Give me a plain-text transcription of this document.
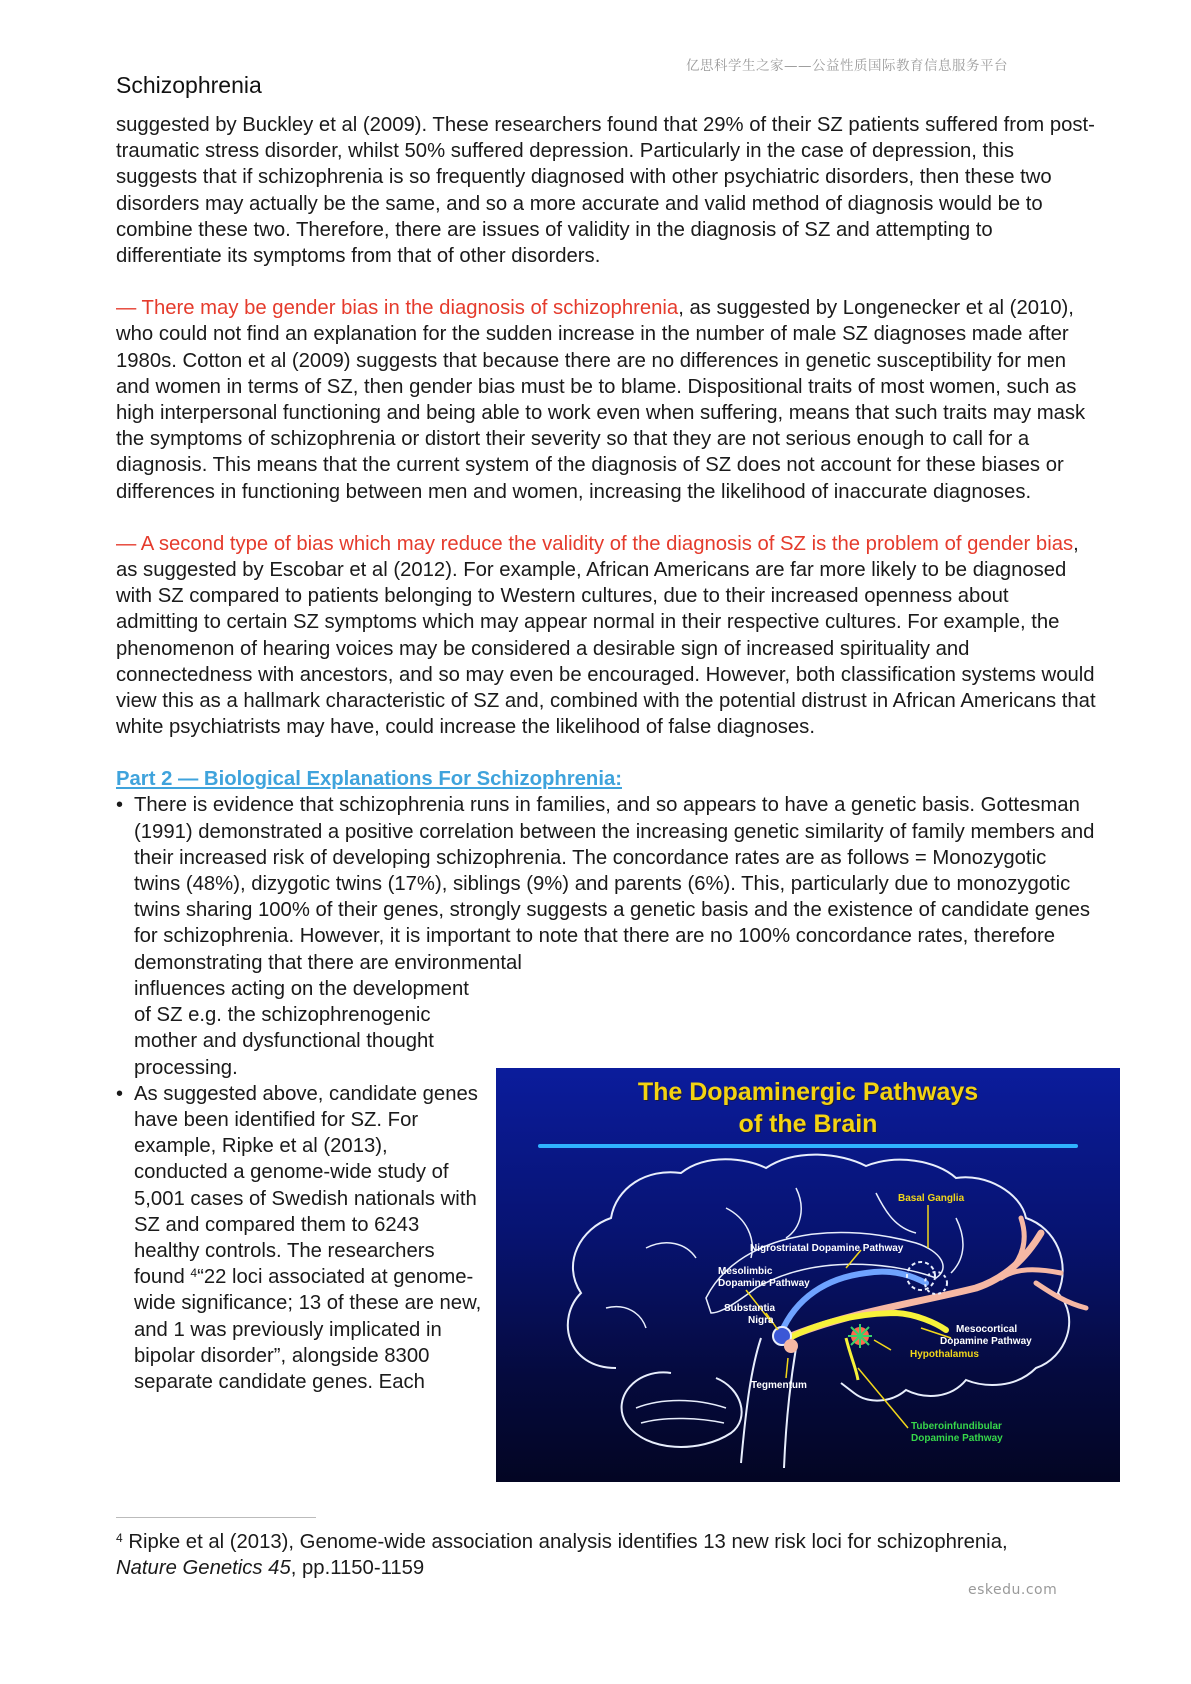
亿思科学生之家——公益性质国际教育信息服务平台
Schizophrenia

suggested by Buckley et al (2009). These researchers found that 29% of their SZ patients suffered from post-traumatic stress disorder, whilst 50% suffered depression. Particularly in the case of depression, this suggests that if schizophrenia is so frequently diagnosed with other psychiatric disorders, then these two disorders may actually be the same, and so a more accurate and valid method of diagnosis would be to combine these two. Therefore, there are issues of validity in the diagnosis of SZ and attempting to differentiate its symptoms from that of other disorders.

— There may be gender bias in the diagnosis of schizophrenia, as suggested by Longenecker et al (2010), who could not find an explanation for the sudden increase in the number of male SZ diagnoses made after 1980s. Cotton et al (2009) suggests that because there are no differences in genetic susceptibility for men and women in terms of SZ, then gender bias must be to blame. Dispositional traits of most women, such as high interpersonal functioning and being able to work even when suffering, means that such traits may mask the symptoms of schizophrenia or distort their severity so that they are not serious enough to call for a diagnosis. This means that the current system of the diagnosis of SZ does not account for these biases or differences in functioning between men and women, increasing the likelihood of inaccurate diagnoses.

— A second type of bias which may reduce the validity of the diagnosis of SZ is the problem of gender bias, as suggested by Escobar et al (2012). For example, African Americans are far more likely to be diagnosed with SZ compared to patients belonging to Western cultures, due to their increased openness about admitting to certain SZ symptoms which may appear normal in their respective cultures. For example, the phenomenon of hearing voices may be considered a desirable sign of increased spirituality and connectedness with ancestors, and so may even be encouraged. However, both classification systems would view this as a hallmark characteristic of SZ and, combined with the potential distrust in African Americans that white psychiatrists may have, could increase the likelihood of false diagnoses.

Part 2 — Biological Explanations For Schizophrenia:
• There is evidence that schizophrenia runs in families, and so appears to have a genetic basis. Gottesman (1991) demonstrated a positive correlation between the increasing genetic similarity of family members and their increased risk of developing schizophrenia. The concordance rates are as follows = Monozygotic twins (48%), dizygotic twins (17%), siblings (9%) and parents (6%). This, particularly due to monozygotic twins sharing 100% of their genes, strongly suggests a genetic basis and the existence of candidate genes for schizophrenia. However, it is important to note that there are no 100% concordance rates, therefore demonstrating that there are environmental
influences acting on the development of SZ e.g. the schizophrenogenic mother and dysfunctional thought processing.
• As suggested above, candidate genes have been identified for SZ. For example, Ripke et al (2013), conducted a genome-wide study of 5,001 cases of Swedish nationals with SZ and compared them to 6243 healthy controls. The researchers found $^4$“22 loci associated at genome-wide significance; 13 of these are new, and 1 was previously implicated in bipolar disorder”, alongside 8300 separate candidate genes. Each
The Dopaminergic Pathways
of the Brain
Basal Ganglia
Nigrostriatal Dopamine Pathway
Mesolimbic
Dopamine Pathway
Substantia
Nigra
Mesocortical
Dopamine Pathway
Hypothalamus
Tegmentum
Tuberoinfundibular
Dopamine Pathway
$^4$ Ripke et al (2013), Genome-wide association analysis identifies 13 new risk loci for schizophrenia, Nature Genetics 45, pp.1150-1159
eskedu.com
